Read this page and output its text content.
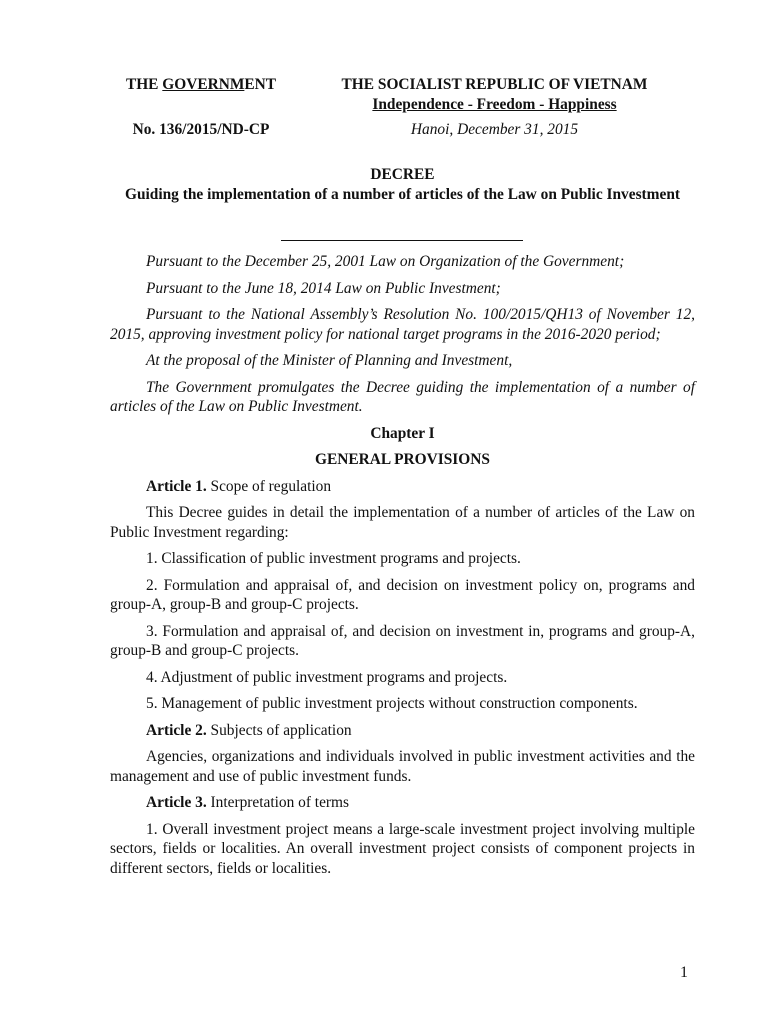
THE GOVERNMENT
No. 136/2015/ND-CP
THE SOCIALIST REPUBLIC OF VIETNAM
Independence - Freedom - Happiness
Hanoi, December 31, 2015
DECREE
Guiding the implementation of a number of articles of the Law on Public Investment

Pursuant to the December 25, 2001 Law on Organization of the Government;

Pursuant to the June 18, 2014 Law on Public Investment;

Pursuant to the National Assembly’s Resolution No. 100/2015/QH13 of November 12, 2015, approving investment policy for national target programs in the 2016-2020 period;

At the proposal of the Minister of Planning and Investment,

The Government promulgates the Decree guiding the implementation of a number of articles of the Law on Public Investment.

Chapter I

GENERAL PROVISIONS

Article 1. Scope of regulation

This Decree guides in detail the implementation of a number of articles of the Law on Public Investment regarding:

1. Classification of public investment programs and projects.

2. Formulation and appraisal of, and decision on investment policy on, programs and group-A, group-B and group-C projects.

3. Formulation and appraisal of, and decision on investment in, programs and group-A, group-B and group-C projects.

4. Adjustment of public investment programs and projects.

5. Management of public investment projects without construction components.

Article 2. Subjects of application

Agencies, organizations and individuals involved in public investment activities and the management and use of public investment funds.

Article 3. Interpretation of terms

1. Overall investment project means a large-scale investment project involving multiple sectors, fields or localities. An overall investment project consists of component projects in different sectors, fields or localities.

1
